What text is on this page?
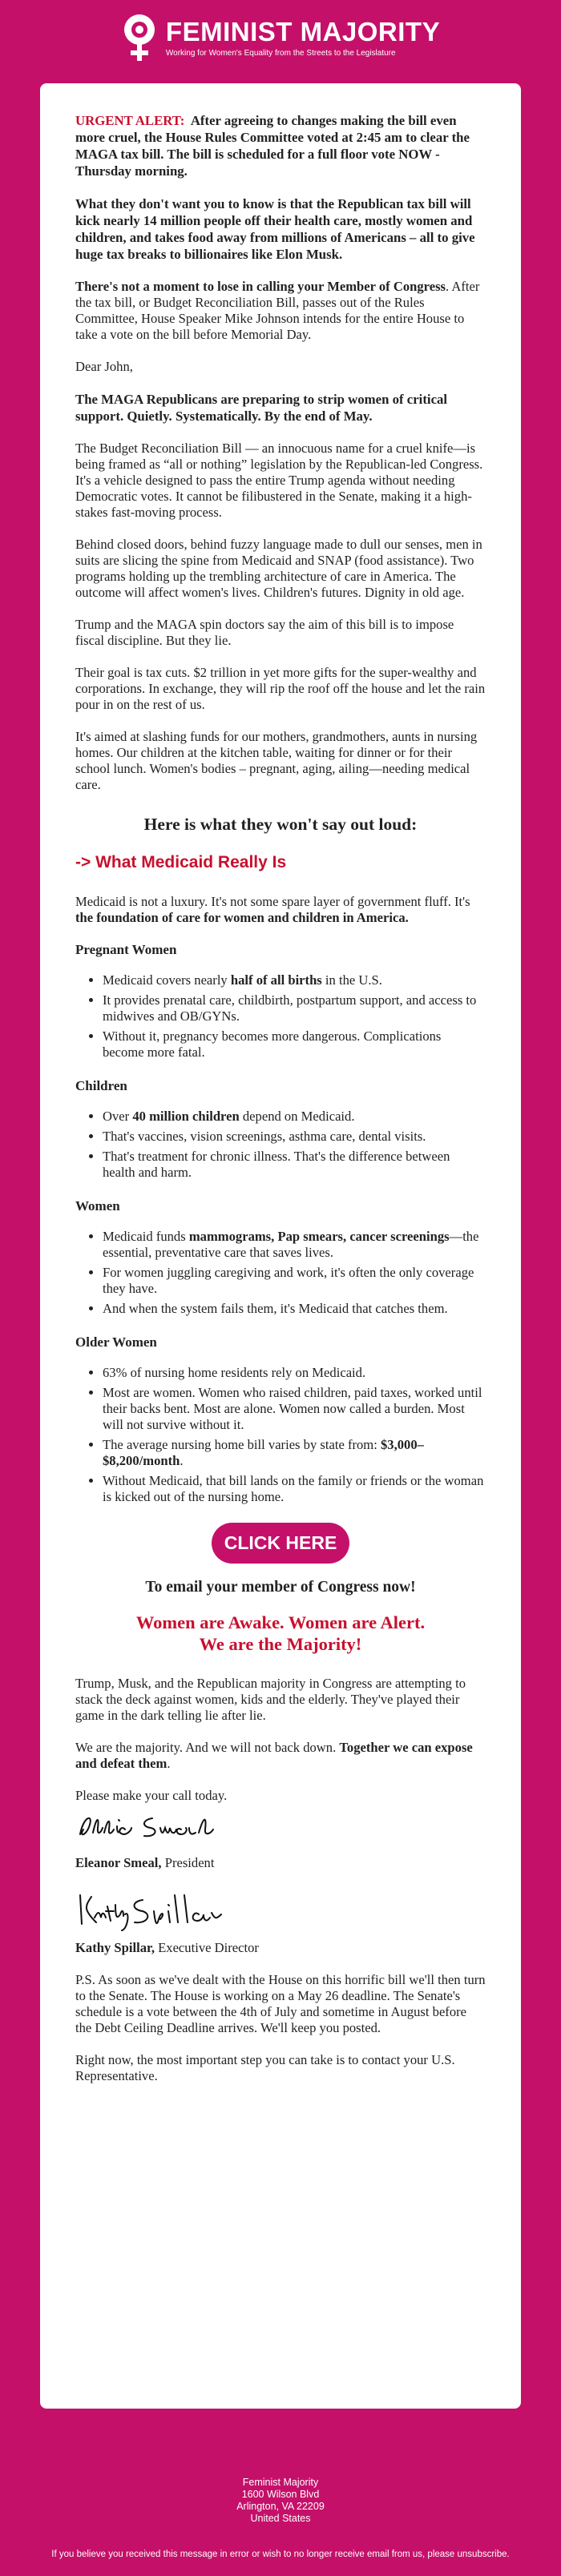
FEMINIST MAJORITY
Working for Women's Equality from the Streets to the Legislature

URGENT ALERT: After agreeing to changes making the bill even more cruel, the House Rules Committee voted at 2:45 am to clear the MAGA tax bill. The bill is scheduled for a full floor vote NOW - Thursday morning.

What they don't want you to know is that the Republican tax bill will kick nearly 14 million people off their health care, mostly women and children, and takes food away from millions of Americans – all to give huge tax breaks to billionaires like Elon Musk.

There's not a moment to lose in calling your Member of Congress. After the tax bill, or Budget Reconciliation Bill, passes out of the Rules Committee, House Speaker Mike Johnson intends for the entire House to take a vote on the bill before Memorial Day.

Dear John,

The MAGA Republicans are preparing to strip women of critical support. Quietly. Systematically. By the end of May.

The Budget Reconciliation Bill — an innocuous name for a cruel knife—is being framed as “all or nothing” legislation by the Republican-led Congress. It's a vehicle designed to pass the entire Trump agenda without needing Democratic votes. It cannot be filibustered in the Senate, making it a high-stakes fast-moving process.

Behind closed doors, behind fuzzy language made to dull our senses, men in suits are slicing the spine from Medicaid and SNAP (food assistance). Two programs holding up the trembling architecture of care in America. The outcome will affect women's lives. Children's futures. Dignity in old age.

Trump and the MAGA spin doctors say the aim of this bill is to impose fiscal discipline. But they lie.

Their goal is tax cuts. $2 trillion in yet more gifts for the super-wealthy and corporations. In exchange, they will rip the roof off the house and let the rain pour in on the rest of us.

It's aimed at slashing funds for our mothers, grandmothers, aunts in nursing homes. Our children at the kitchen table, waiting for dinner or for their school lunch. Women's bodies – pregnant, aging, ailing—needing medical care.

Here is what they won't say out loud:
-> What Medicaid Really Is

Medicaid is not a luxury. It's not some spare layer of government fluff. It's the foundation of care for women and children in America.

Pregnant Women
• Medicaid covers nearly half of all births in the U.S.
• It provides prenatal care, childbirth, postpartum support, and access to midwives and OB/GYNs.
• Without it, pregnancy becomes more dangerous. Complications become more fatal.
Children
• Over 40 million children depend on Medicaid.
• That's vaccines, vision screenings, asthma care, dental visits.
• That's treatment for chronic illness. That's the difference between health and harm.
Women
• Medicaid funds mammograms, Pap smears, cancer screenings—the essential, preventative care that saves lives.
• For women juggling caregiving and work, it's often the only coverage they have.
• And when the system fails them, it's Medicaid that catches them.
Older Women
• 63% of nursing home residents rely on Medicaid.
• Most are women. Women who raised children, paid taxes, worked until their backs bent. Most are alone. Women now called a burden. Most will not survive without it.
• The average nursing home bill varies by state from: $3,000–$8,200/month.
• Without Medicaid, that bill lands on the family or friends or the woman is kicked out of the nursing home.
CLICK HERE

To email your member of Congress now!

Women are Awake. Women are Alert.
We are the Majority!

Trump, Musk, and the Republican majority in Congress are attempting to stack the deck against women, kids and the elderly. They've played their game in the dark telling lie after lie.

We are the majority. And we will not back down. Together we can expose and defeat them.

Please make your call today.

Eleanor Smeal, President

Kathy Spillar, Executive Director

P.S. As soon as we've dealt with the House on this horrific bill we'll then turn to the Senate. The House is working on a May 26 deadline. The Senate's schedule is a vote between the 4th of July and sometime in August before the Debt Ceiling Deadline arrives. We'll keep you posted.

Right now, the most important step you can take is to contact your U.S. Representative.

Feminist Majority
1600 Wilson Blvd
Arlington, VA 22209
United States
If you believe you received this message in error or wish to no longer receive email from us, please unsubscribe.
